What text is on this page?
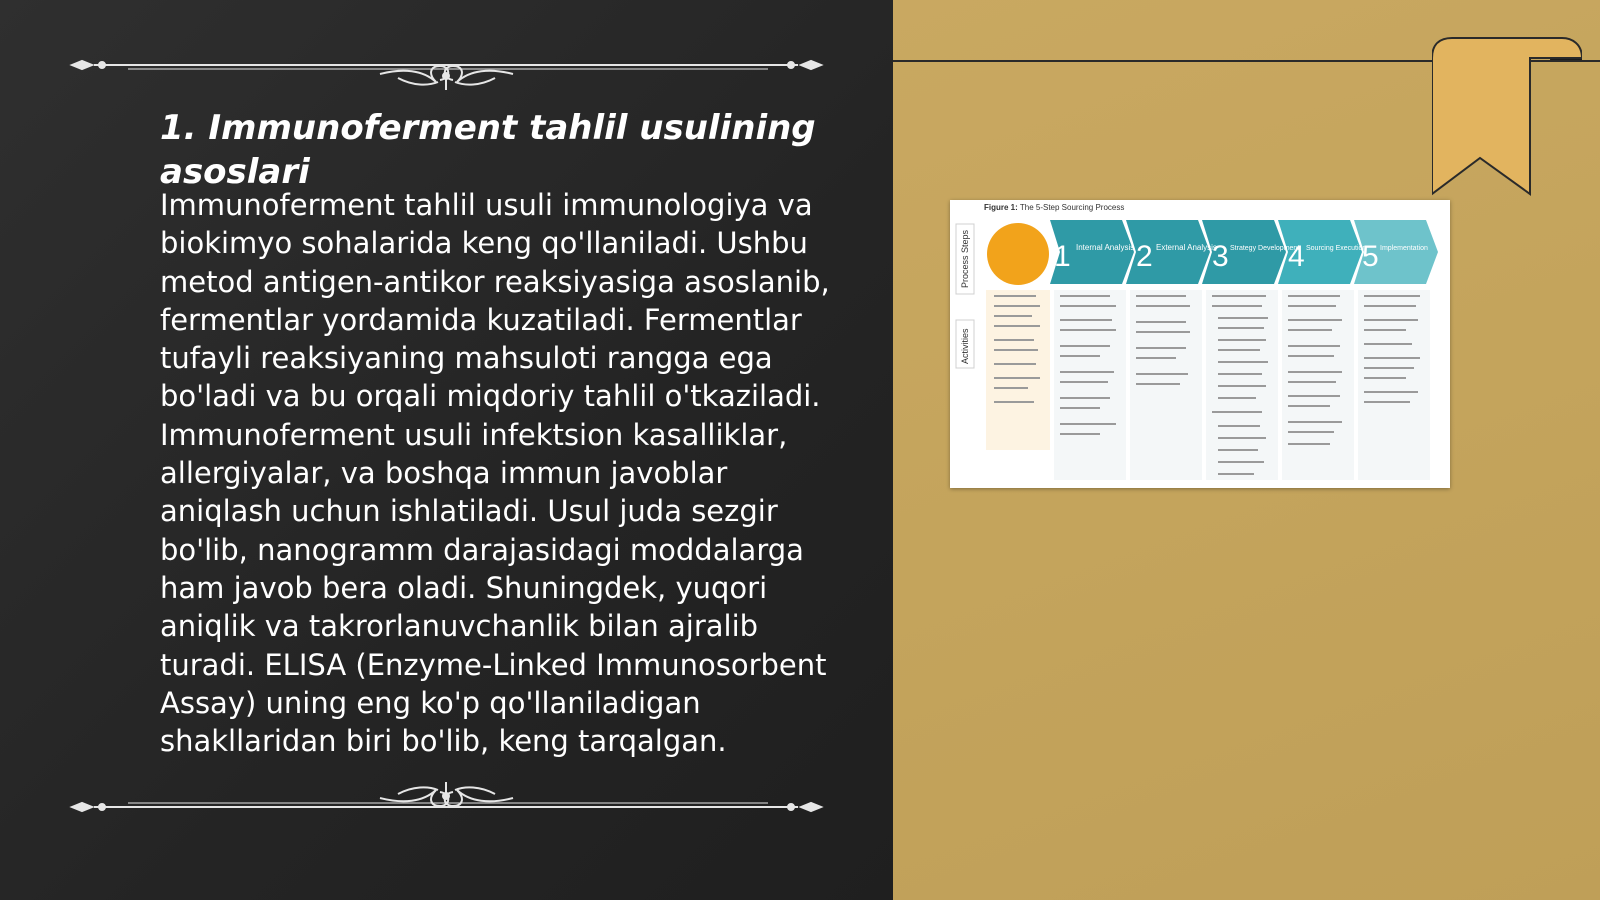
1. Immunoferment tahlil usulining asoslari

Immunoferment tahlil usuli immunologiya va biokimyo sohalarida keng qo'llaniladi. Ushbu metod antigen-antikor reaksiyasiga asoslanib, fermentlar yordamida kuzatiladi. Fermentlar tufayli reaksiyaning mahsuloti rangga ega bo'ladi va bu orqali miqdoriy tahlil o'tkaziladi. Immunoferment usuli infektsion kasalliklar, allergiyalar, va boshqa immun javoblar aniqlash uchun ishlatiladi. Usul juda sezgir bo'lib, nanogramm darajasidagi moddalarga ham javob bera oladi. Shuningdek, yuqori aniqlik va takrorlanuvchanlik bilan ajralib turadi. ELISA (Enzyme-Linked Immunosorbent Assay) uning eng ko'p qo'llaniladigan shakllaridan biri bo'lib, keng tarqalgan.

Figure 1: The 5-Step Sourcing Process
Process Steps
Activities
1 Internal Analysis 2 External Analysis
3 Strategy Development
4 Sourcing Execution
5 Implementation
